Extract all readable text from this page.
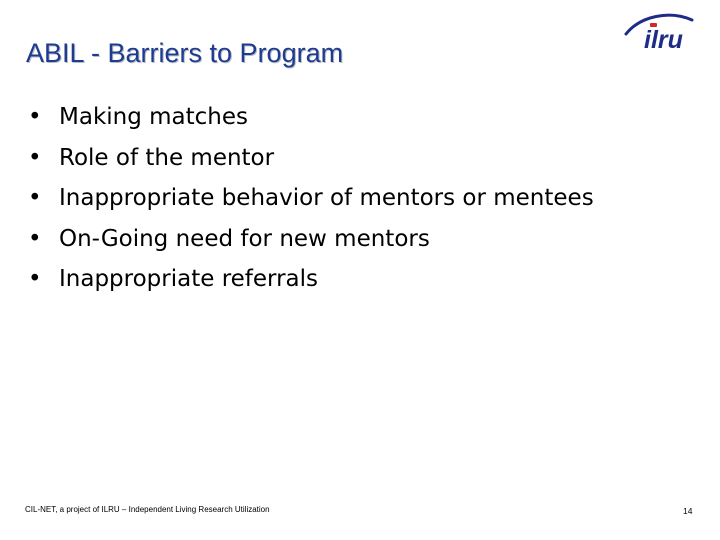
ABIL - Barriers to Program	ilru
• Making matches
• Role of the mentor
• Inappropriate behavior of mentors or mentees
• On-Going need for new mentors
• Inappropriate referrals
CIL-NET, a project of ILRU – Independent Living Research Utilization	14
